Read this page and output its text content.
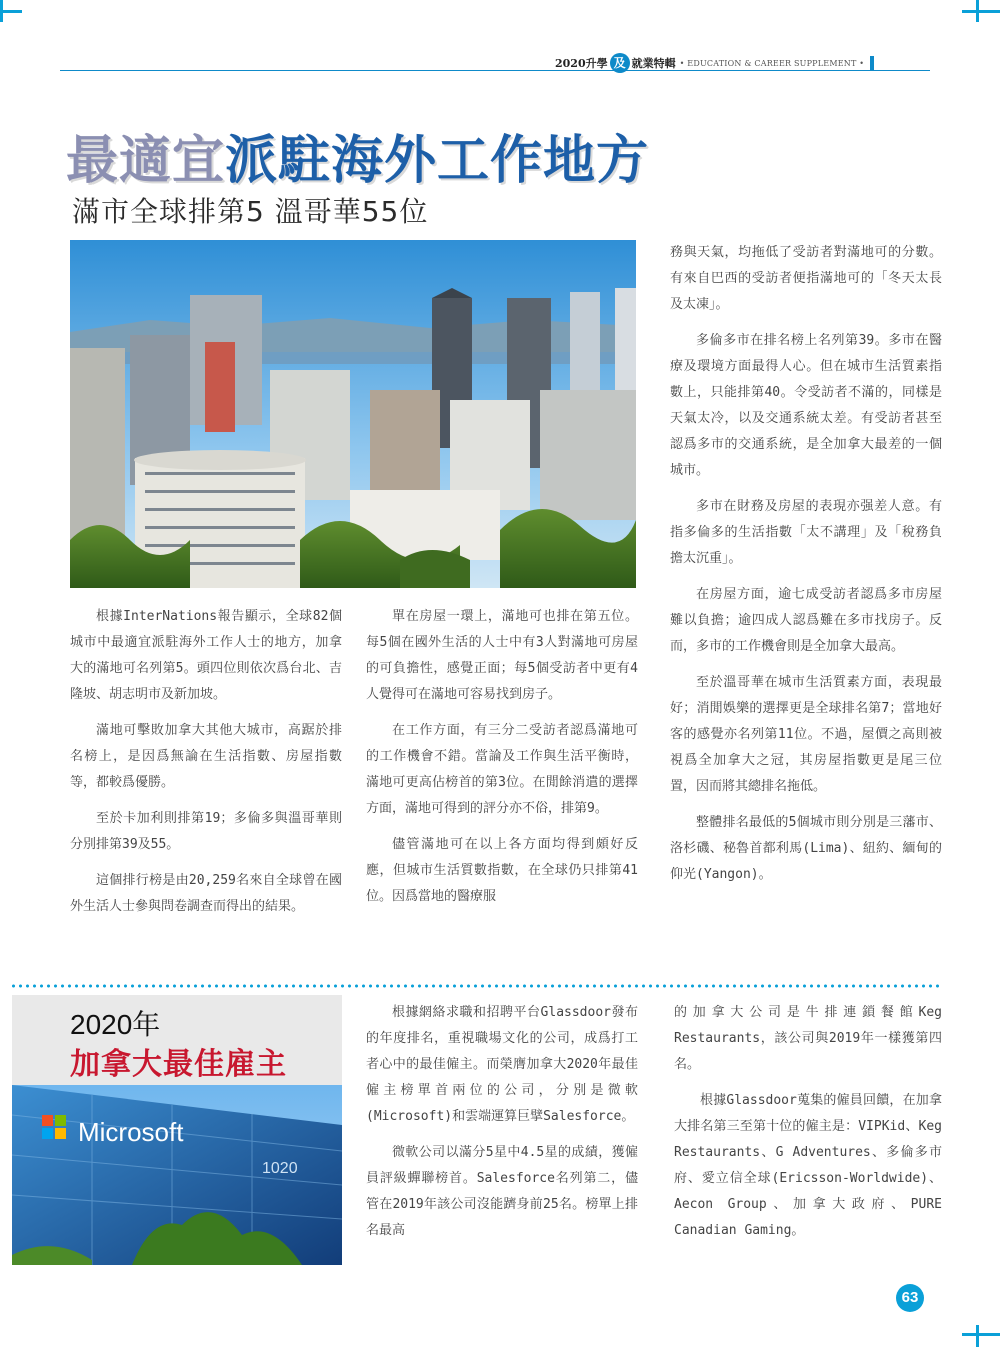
2020升學 及 就業特輯 • EDUCATION & CAREER SUPPLEMENT •
最適宜派駐海外工作地方
滿市全球排第5 溫哥華55位

根據InterNations報告顯示，全球82個城市中最適宜派駐海外工作人士的地方，加拿大的滿地可名列第5。頭四位則依次爲台北、吉隆坡、胡志明市及新加坡。

滿地可擊敗加拿大其他大城市，高踞於排名榜上，是因爲無論在生活指數、房屋指數等，都較爲優勝。

至於卡加利則排第19；多倫多與溫哥華則分別排第39及55。

這個排行榜是由20,259名來自全球曾在國外生活人士參與問卷調查而得出的結果。

單在房屋一環上，滿地可也排在第五位。每5個在國外生活的人士中有3人對滿地可房屋的可負擔性，感覺正面；每5個受訪者中更有4人覺得可在滿地可容易找到房子。

在工作方面，有三分二受訪者認爲滿地可的工作機會不錯。當論及工作與生活平衡時，滿地可更高佔榜首的第3位。在閒餘消遣的選擇方面，滿地可得到的評分亦不俗，排第9。

儘管滿地可在以上各方面均得到頗好反應，但城市生活質數指數，在全球仍只排第41位。因爲當地的醫療服

務與天氣，均拖低了受訪者對滿地可的分數。有來自巴西的受訪者便指滿地可的「冬天太長及太凍」。

多倫多市在排名榜上名列第39。多市在醫療及環境方面最得人心。但在城市生活質素指數上，只能排第40。令受訪者不滿的，同樣是天氣太冷，以及交通系統太差。有受訪者甚至認爲多市的交通系統，是全加拿大最差的一個城市。

多市在財務及房屋的表現亦强差人意。有指多倫多的生活指數「太不講理」及「稅務負擔太沉重」。

在房屋方面，逾七成受訪者認爲多市房屋難以負擔；逾四成人認爲難在多市找房子。反而，多市的工作機會則是全加拿大最高。

至於溫哥華在城市生活質素方面，表現最好；消閒娛樂的選擇更是全球排名第7；當地好客的感覺亦名列第11位。不過，屋價之高則被視爲全加拿大之冠，其房屋指數更是尾三位置，因而將其總排名拖低。

整體排名最低的5個城市則分別是三藩市、洛杉磯、秘魯首都利馬(Lima)、紐約、緬甸的仰光(Yangon)。

2020年
加拿大最佳雇主
Microsoft
1020

根據網絡求職和招聘平台Glassdoor發布的年度排名，重視職場文化的公司，成爲打工者心中的最佳僱主。而榮膺加拿大2020年最佳僱主榜單首兩位的公司，分別是微軟(Microsoft)和雲端運算巨擘Salesforce。

微軟公司以滿分5星中4.5星的成績，獲僱員評級蟬聯榜首。Salesforce名列第二，儘管在2019年該公司沒能躋身前25名。榜單上排名最高

的加拿大公司是牛排連鎖餐館Keg Restaurants，該公司與2019年一樣獲第四名。

根據Glassdoor蒐集的僱員回饋，在加拿大排名第三至第十位的僱主是：VIPKid、Keg Restaurants、G Adventures、多倫多市府、愛立信全球(Ericsson-Worldwide)、Aecon Group、加拿大政府、PURE Canadian Gaming。

63
